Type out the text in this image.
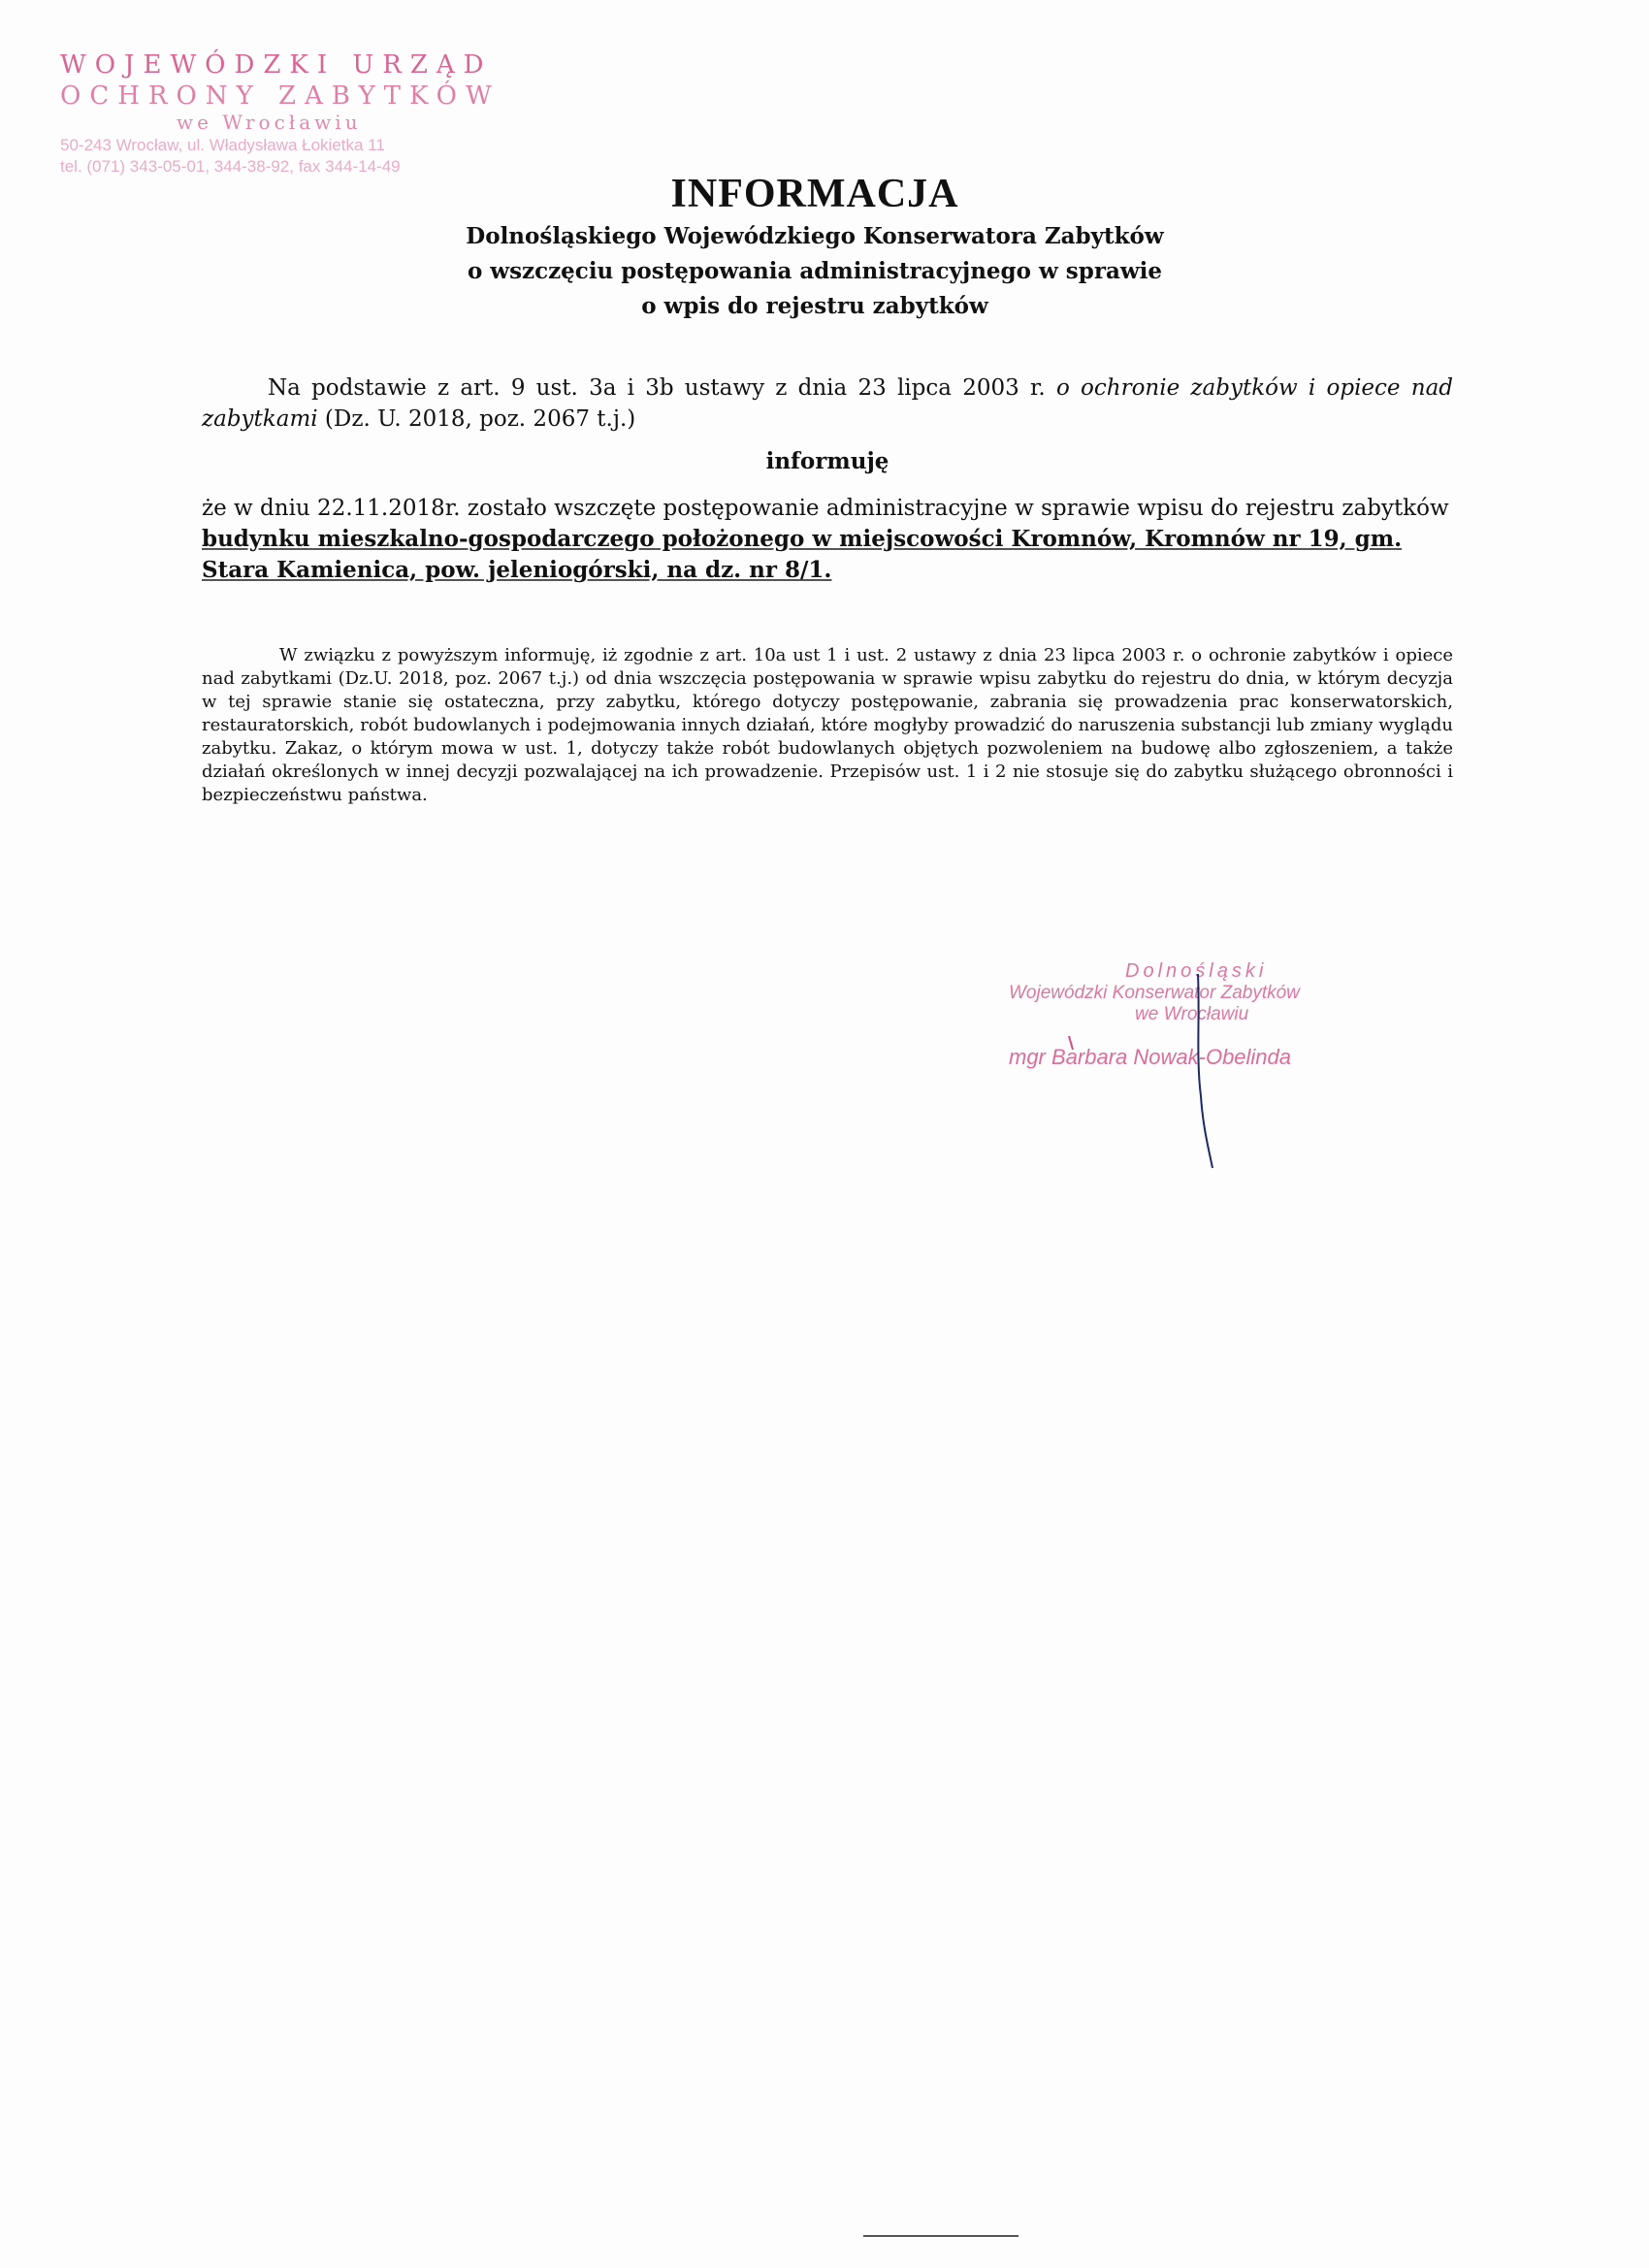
WOJEWÓDZKI URZĄD
OCHRONY ZABYTKÓW
we Wrocławiu
50-243 Wrocław, ul. Władysława Łokietka 11
tel. (071) 343-05-01, 344-38-92, fax 344-14-49
INFORMACJA
Dolnośląskiego Wojewódzkiego Konserwatora Zabytków
o wszczęciu postępowania administracyjnego w sprawie
o wpis do rejestru zabytków
Na podstawie z art. 9 ust. 3a i 3b ustawy z dnia 23 lipca 2003 r. o ochronie zabytków i opiece nad zabytkami (Dz. U. 2018, poz. 2067 t.j.)
informuję
że w dniu 22.11.2018r. zostało wszczęte postępowanie administracyjne w sprawie wpisu do rejestru zabytków budynku mieszkalno-gospodarczego położonego w miejscowości Kromnów, Kromnów nr 19, gm. Stara Kamienica, pow. jeleniogórski, na dz. nr 8/1.
W związku z powyższym informuję, iż zgodnie z art. 10a ust 1 i ust. 2 ustawy z dnia 23 lipca 2003 r. o ochronie zabytków i opiece nad zabytkami (Dz.U. 2018, poz. 2067 t.j.) od dnia wszczęcia postępowania w sprawie wpisu zabytku do rejestru do dnia, w którym decyzja w tej sprawie stanie się ostateczna, przy zabytku, którego dotyczy postępowanie, zabrania się prowadzenia prac konserwatorskich, restauratorskich, robót budowlanych i podejmowania innych działań, które mogłyby prowadzić do naruszenia substancji lub zmiany wyglądu zabytku. Zakaz, o którym mowa w ust. 1, dotyczy także robót budowlanych objętych pozwoleniem na budowę albo zgłoszeniem, a także działań określonych w innej decyzji pozwalającej na ich prowadzenie. Przepisów ust. 1 i 2 nie stosuje się do zabytku służącego obronności i bezpieczeństwu państwa.
Dolnośląski
Wojewódzki Konserwator Zabytków
we Wrocławiu
mgr Barbara Nowak-Obelinda
